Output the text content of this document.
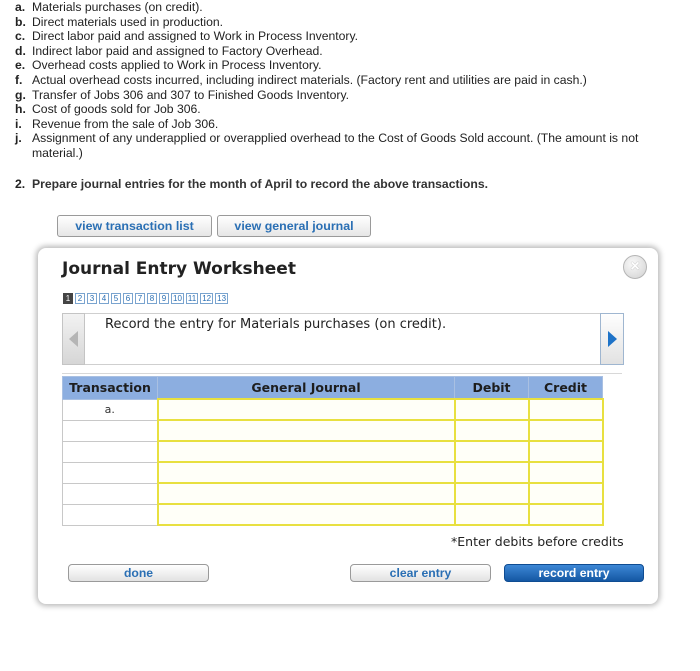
a. Materials purchases (on credit).
b. Direct materials used in production.
c. Direct labor paid and assigned to Work in Process Inventory.
d. Indirect labor paid and assigned to Factory Overhead.
e. Overhead costs applied to Work in Process Inventory.
f. Actual overhead costs incurred, including indirect materials. (Factory rent and utilities are paid in cash.)
g. Transfer of Jobs 306 and 307 to Finished Goods Inventory.
h. Cost of goods sold for Job 306.
i. Revenue from the sale of Job 306.
j. Assignment of any underapplied or overapplied overhead to the Cost of Goods Sold account. (The amount is not material.)
2. Prepare journal entries for the month of April to record the above transactions.
view transaction list	view general journal
Journal Entry Worksheet	×
1 2 3 4 5 6 7 8 9 10 11 12 13
Record the entry for Materials purchases (on credit).
Transaction	General Journal	Debit	Credit
a.			

*Enter debits before credits
done	clear entry	record entry
